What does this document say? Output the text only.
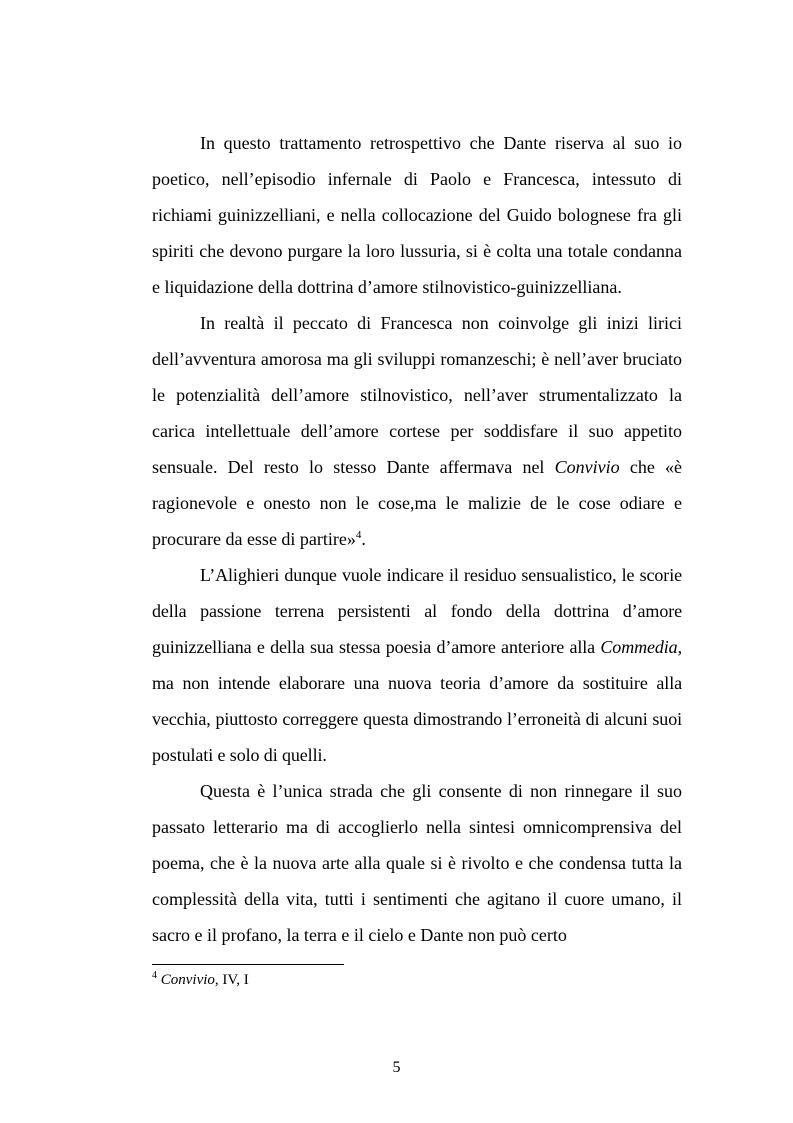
In questo trattamento retrospettivo che Dante riserva al suo io poetico, nell’episodio infernale di Paolo e Francesca, intessuto di richiami guinizzelliani, e nella collocazione del Guido bolognese fra gli spiriti che devono purgare la loro lussuria, si è colta una totale condanna e liquidazione della dottrina d’amore stilnovistico-guinizzelliana.

In realtà il peccato di Francesca non coinvolge gli inizi lirici dell’avventura amorosa ma gli sviluppi romanzeschi; è nell’aver bruciato le potenzialità dell’amore stilnovistico, nell’aver strumentalizzato la carica intellettuale dell’amore cortese per soddisfare il suo appetito sensuale. Del resto lo stesso Dante affermava nel Convivio che «è ragionevole e onesto non le cose,ma le malizie de le cose odiare e procurare da esse di partire»$^4$.

L’Alighieri dunque vuole indicare il residuo sensualistico, le scorie della passione terrena persistenti al fondo della dottrina d’amore guinizzelliana e della sua stessa poesia d’amore anteriore alla Commedia, ma non intende elaborare una nuova teoria d’amore da sostituire alla vecchia, piuttosto correggere questa dimostrando l’erroneità di alcuni suoi postulati e solo di quelli.

Questa è l’unica strada che gli consente di non rinnegare il suo passato letterario ma di accoglierlo nella sintesi omnicomprensiva del poema, che è la nuova arte alla quale si è rivolto e che condensa tutta la complessità della vita, tutti i sentimenti che agitano il cuore umano, il sacro e il profano, la terra e il cielo e Dante non può certo

$^4$ Convivio, IV, I

5
